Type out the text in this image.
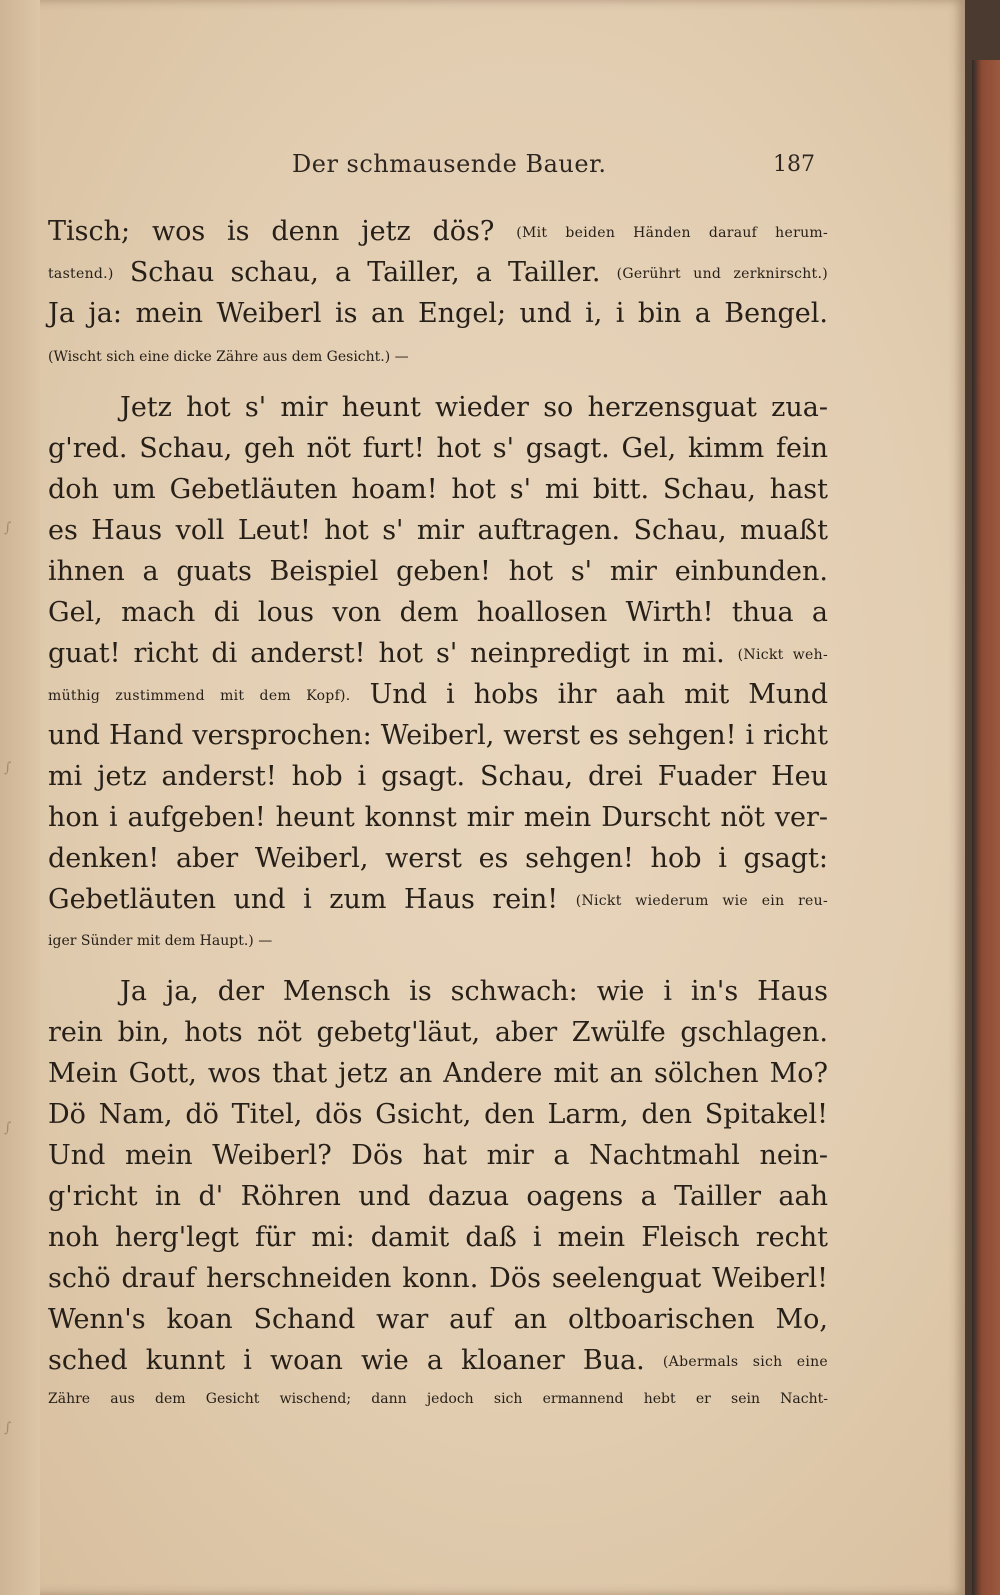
∫
∫
∫
∫
Der schmausende Bauer.	187
Tisch; wos is denn jetz dös? (Mit beiden Händen darauf herum-
tastend.) Schau schau, a Tailler, a Tailler. (Gerührt und zerknirscht.)
Ja ja: mein Weiberl is an Engel; und i, i bin a Bengel.
(Wischt sich eine dicke Zähre aus dem Gesicht.) —
Jetz hot s' mir heunt wieder so herzensguat zua-
g'red. Schau, geh nöt furt! hot s' gsagt. Gel, kimm fein
doh um Gebetläuten hoam! hot s' mi bitt. Schau, hast
es Haus voll Leut! hot s' mir auftragen. Schau, muaßt
ihnen a guats Beispiel geben! hot s' mir einbunden.
Gel, mach di lous von dem hoallosen Wirth! thua a
guat! richt di anderst! hot s' neinpredigt in mi. (Nickt weh-
müthig zustimmend mit dem Kopf). Und i hobs ihr aah mit Mund
und Hand versprochen: Weiberl, werst es sehgen! i richt
mi jetz anderst! hob i gsagt. Schau, drei Fuader Heu
hon i aufgeben! heunt konnst mir mein Durscht nöt ver-
denken! aber Weiberl, werst es sehgen! hob i gsagt:
Gebetläuten und i zum Haus rein! (Nickt wiederum wie ein reu-
iger Sünder mit dem Haupt.) —
Ja ja, der Mensch is schwach: wie i in's Haus
rein bin, hots nöt gebetg'läut, aber Zwülfe gschlagen.
Mein Gott, wos that jetz an Andere mit an sölchen Mo?
Dö Nam, dö Titel, dös Gsicht, den Larm, den Spitakel!
Und mein Weiberl? Dös hat mir a Nachtmahl nein-
g'richt in d' Röhren und dazua oagens a Tailler aah
noh herg'legt für mi: damit daß i mein Fleisch recht
schö drauf herschneiden konn. Dös seelenguat Weiberl!
Wenn's koan Schand war auf an oltboarischen Mo,
sched kunnt i woan wie a kloaner Bua. (Abermals sich eine
Zähre aus dem Gesicht wischend; dann jedoch sich ermannend hebt er sein Nacht-
